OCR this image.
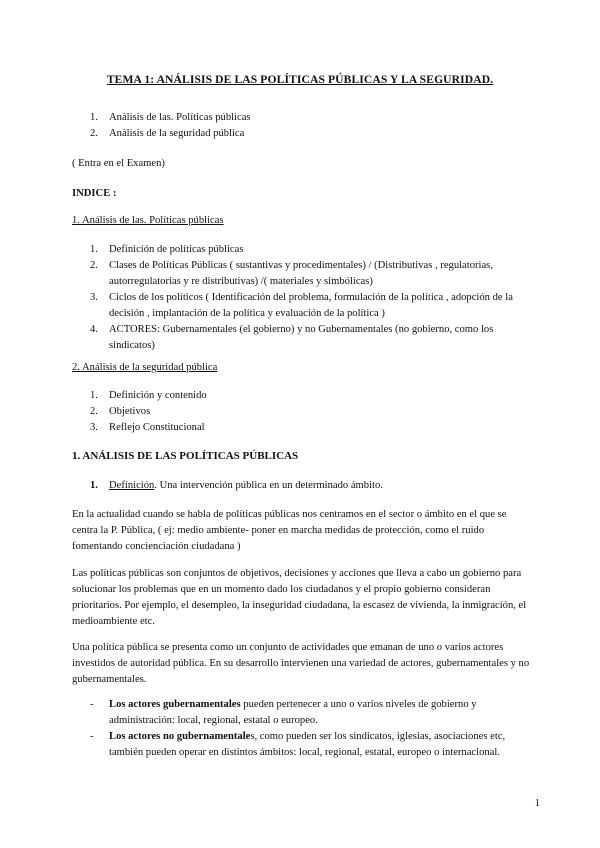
TEMA 1: ANÁLISIS DE LAS POLÍTICAS PÚBLICAS Y LA SEGURIDAD.
1. Análisis de las. Políticas públicas
2. Análisis de la seguridad pública
( Entra en el Examen)
INDICE :
1. Análisis de las. Políticas públicas
1. Definición de políticas públicas
2. Clases de Políticas Públicas ( sustantivas y procedimentales) / (Distributivas , regulatorias, autorregulatorias y re distributivas) /( materiales y simbólicas)
3. Ciclos de los políticos ( Identificación del problema, formulación de la política , adopción de la decisión , implantación de la política y evaluación de la política )
4. ACTORES: Gubernamentales (el gobierno) y no Gubernamentales (no gobierno, como los sindicatos)
2. Análisis de la seguridad pública
1. Definición y contenido
2. Objetivos
3. Reflejo Constitucional
1. ANÁLISIS DE LAS POLÍTICAS PÚBLICAS
1. Definición. Una intervención pública en un determinado ámbito.
En la actualidad cuando se habla de políticas públicas nos centramos en el sector o ámbito en el que se centra la P. Pública, ( ej: medio ambiente- poner en marcha medidas de protección, como el ruido fomentando concienciación ciudadana )
Las políticas públicas son conjuntos de objetivos, decisiones y acciones que lleva a cabo un gobierno para solucionar los problemas que en un momento dado los ciudadanos y el propio gobierno consideran prioritarios. Por ejemplo, el desempleo, la inseguridad ciudadana, la escasez de vivienda, la inmigración, el medioambiente etc.
Una política pública se presenta como un conjunto de actividades que emanan de uno o varios actores investidos de autoridad pública. En su desarrollo intervienen una variedad de actores, gubernamentales y no gubernamentales.
- Los actores gubernamentales pueden pertenecer a uno o varios niveles de gobierno y administración: local, regional, estatal o europeo.
- Los actores no gubernamentales, como pueden ser los sindicatos, iglesias, asociaciones etc, también pueden operar en distintos ámbitos: local, regional, estatal, europeo o internacional.
1
